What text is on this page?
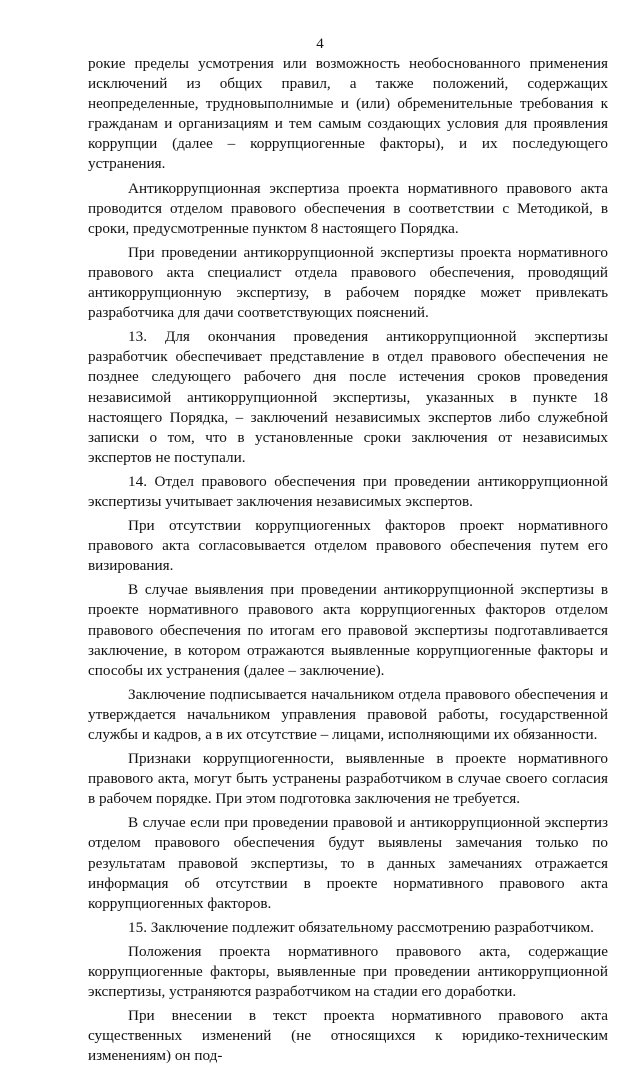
4

рокие пределы усмотрения или возможность необоснованного применения исключений из общих правил, а также положений, содержащих неопределенные, трудновыполнимые и (или) обременительные требования к гражданам и организациям и тем самым создающих условия для проявления коррупции (далее – коррупциогенные факторы), и их последующего устранения.

Антикоррупционная экспертиза проекта нормативного правового акта проводится отделом правового обеспечения в соответствии с Методикой, в сроки, предусмотренные пунктом 8 настоящего Порядка.

При проведении антикоррупционной экспертизы проекта нормативного правового акта специалист отдела правового обеспечения, проводящий антикоррупционную экспертизу, в рабочем порядке может привлекать разработчика для дачи соответствующих пояснений.

13. Для окончания проведения антикоррупционной экспертизы разработчик обеспечивает представление в отдел правового обеспечения не позднее следующего рабочего дня после истечения сроков проведения независимой антикоррупционной экспертизы, указанных в пункте 18 настоящего Порядка, – заключений независимых экспертов либо служебной записки о том, что в установленные сроки заключения от независимых экспертов не поступали.

14. Отдел правового обеспечения при проведении антикоррупционной экспертизы учитывает заключения независимых экспертов.

При отсутствии коррупциогенных факторов проект нормативного правового акта согласовывается отделом правового обеспечения путем его визирования.

В случае выявления при проведении антикоррупционной экспертизы в проекте нормативного правового акта коррупциогенных факторов отделом правового обеспечения по итогам его правовой экспертизы подготавливается заключение, в котором отражаются выявленные коррупциогенные факторы и способы их устранения (далее – заключение).

Заключение подписывается начальником отдела правового обеспечения и утверждается начальником управления правовой работы, государственной службы и кадров, а в их отсутствие – лицами, исполняющими их обязанности.

Признаки коррупциогенности, выявленные в проекте нормативного правового акта, могут быть устранены разработчиком в случае своего согласия в рабочем порядке. При этом подготовка заключения не требуется.

В случае если при проведении правовой и антикоррупционной экспертиз отделом правового обеспечения будут выявлены замечания только по результатам правовой экспертизы, то в данных замечаниях отражается информация об отсутствии в проекте нормативного правового акта коррупциогенных факторов.

15. Заключение подлежит обязательному рассмотрению разработчиком.

Положения проекта нормативного правового акта, содержащие коррупциогенные факторы, выявленные при проведении антикоррупционной экспертизы, устраняются разработчиком на стадии его доработки.

При внесении в текст проекта нормативного правового акта существенных изменений (не относящихся к юридико-техническим изменениям) он под-
